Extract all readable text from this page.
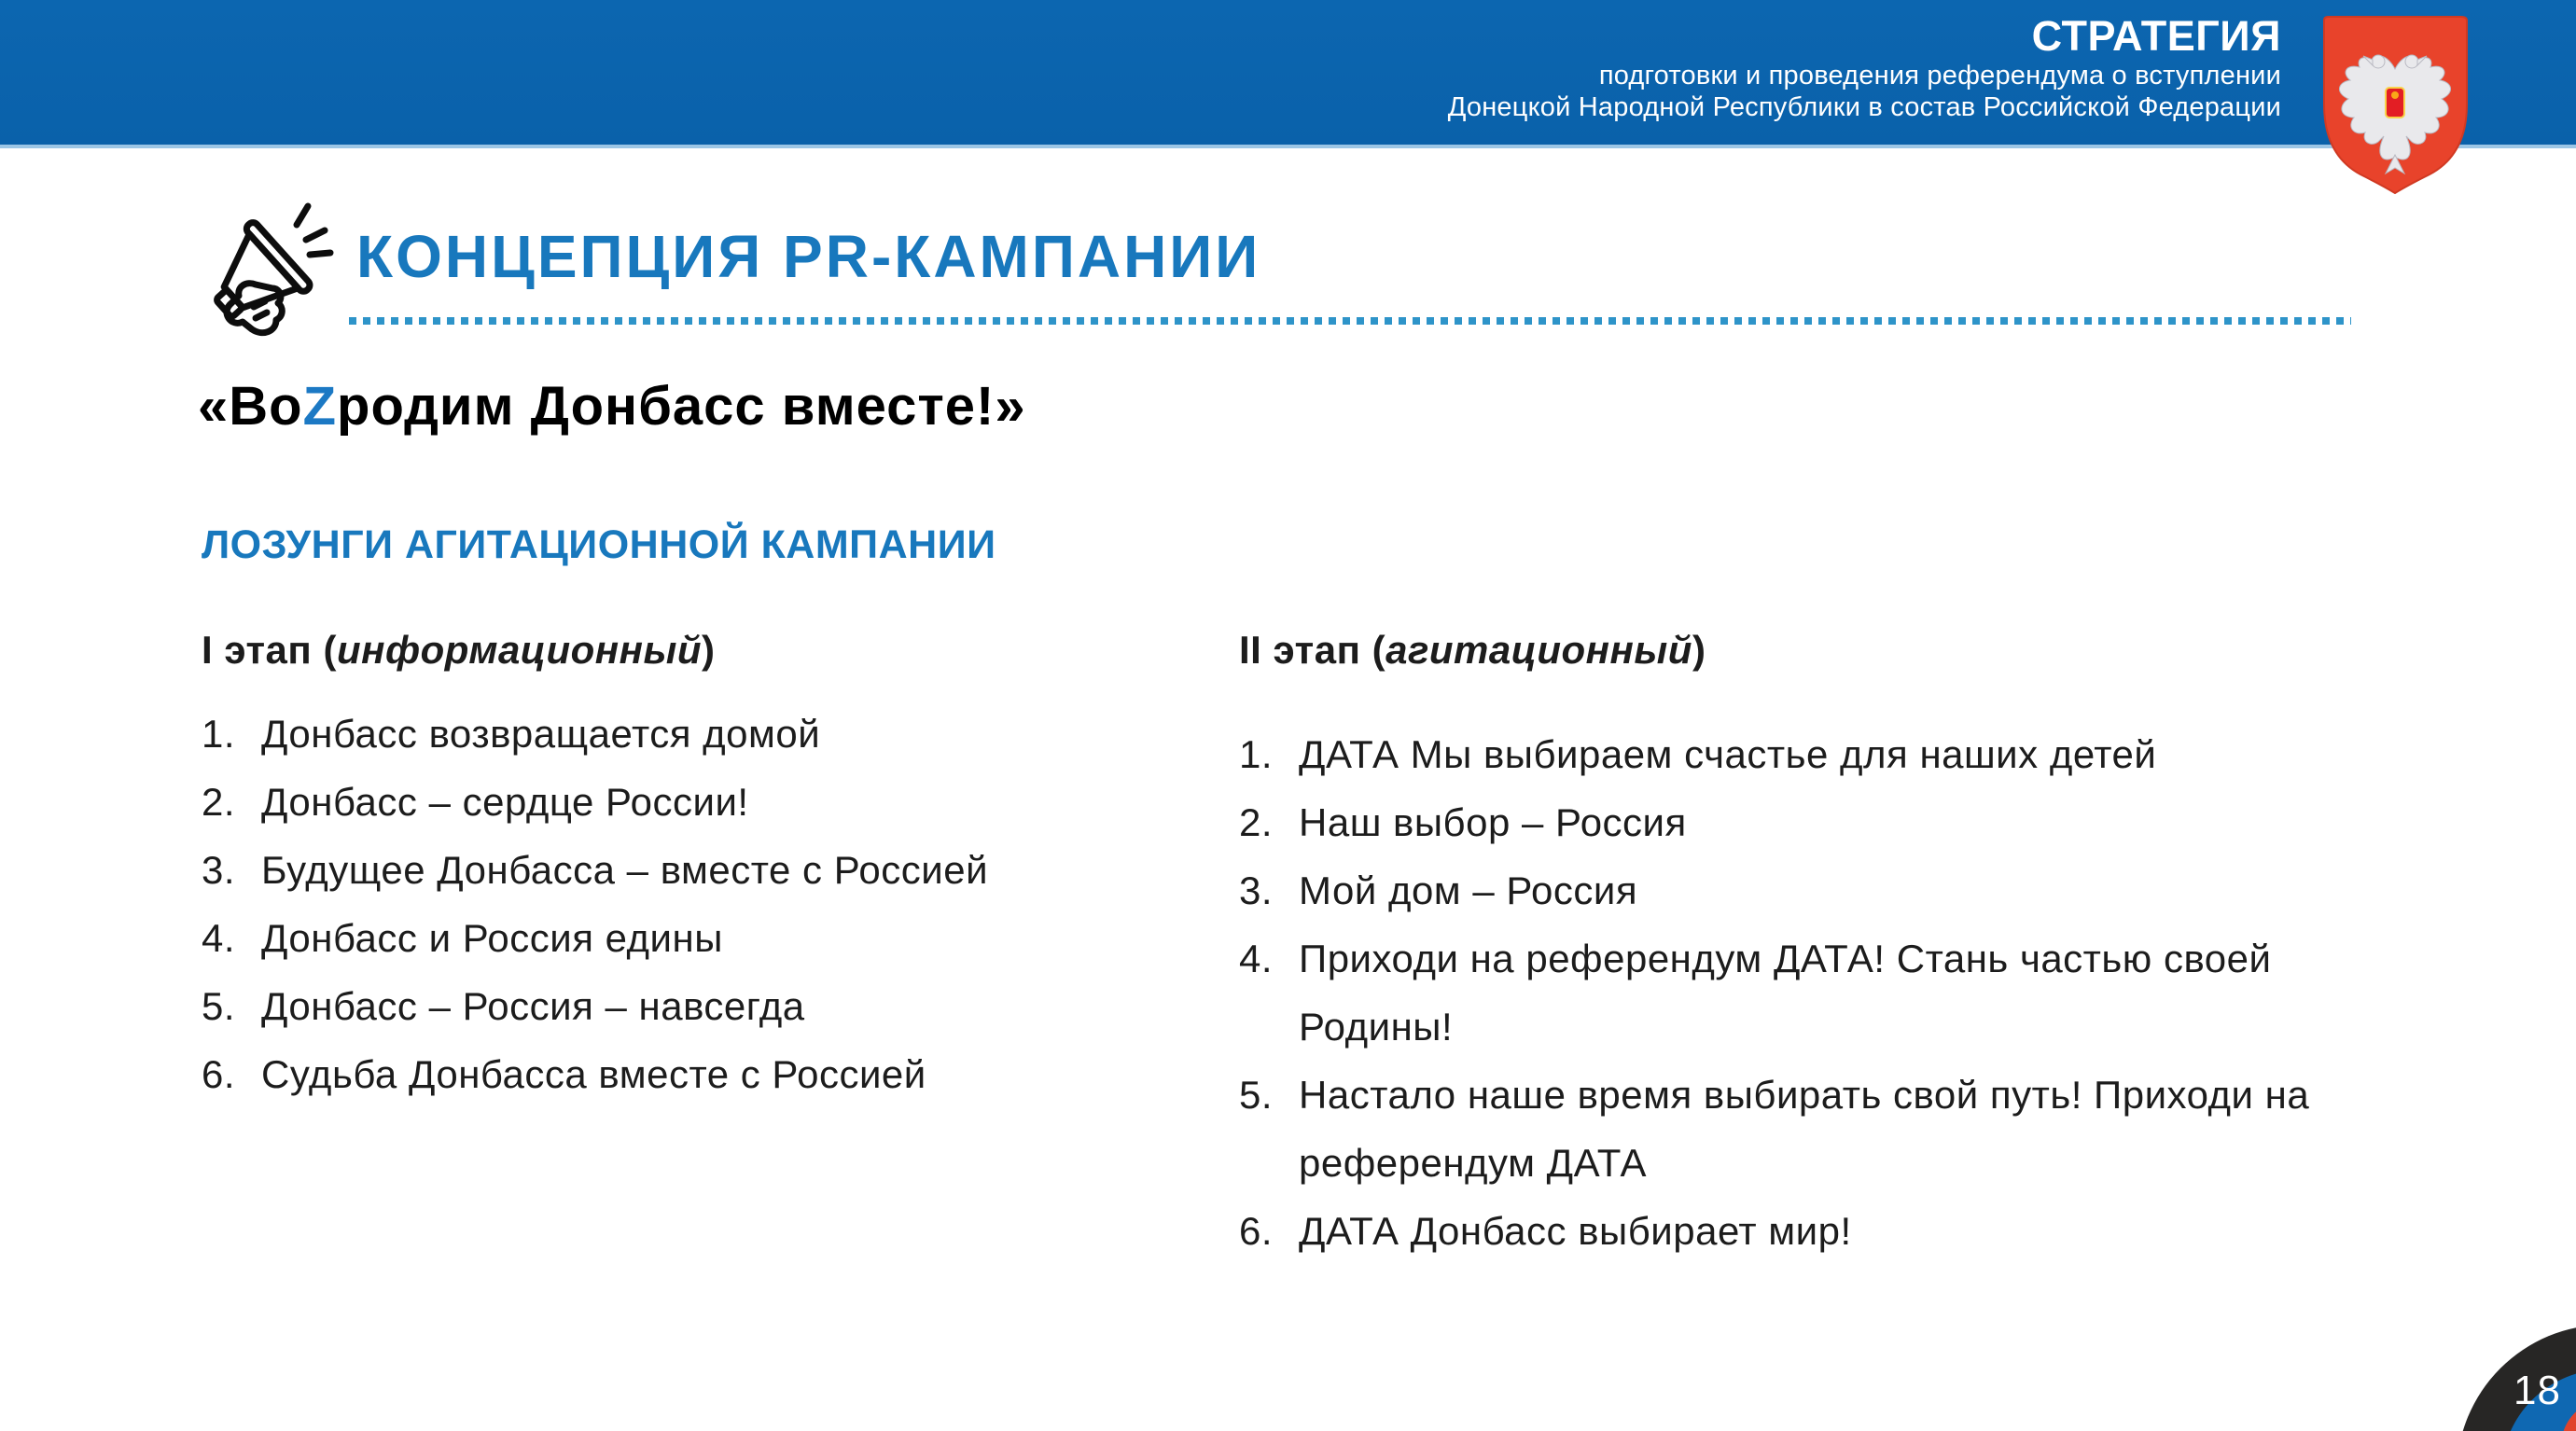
СТРАТЕГИЯ
подготовки и проведения референдума о вступлении
Донецкой Народной Республики в состав Российской Федерации
КОНЦЕПЦИЯ PR-КАМПАНИИ
«ВоZродим Донбасс вместе!»
ЛОЗУНГИ АГИТАЦИОННОЙ КАМПАНИИ
I этап (информационный)
Донбасс возвращается домой
Донбасс – сердце России!
Будущее Донбасса – вместе с Россией
Донбасс и Россия едины
Донбасс – Россия – навсегда
Судьба Донбасса вместе с Россией
II этап (агитационный)
ДАТА Мы выбираем счастье для наших детей
Наш выбор – Россия
Мой дом – Россия
Приходи на референдум ДАТА! Стань частью своей Родины!
Настало наше время выбирать свой путь! Приходи на референдум ДАТА
ДАТА Донбасс выбирает мир!
18
